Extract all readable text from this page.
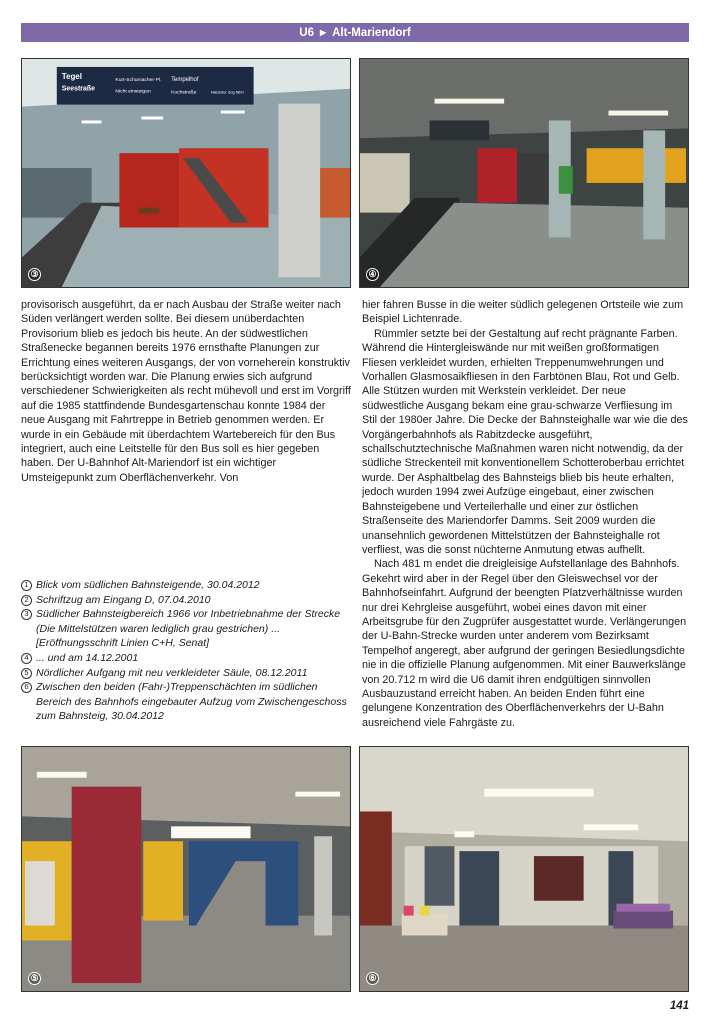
U6 ▶ Alt-Mariendorf
Tegel
Seestraße
Kurt-Schumacher-Pl.
Nicht einsteigen
Tempelhof
Kochstraße	Nächster Zug fährt
③	④

provisorisch ausgeführt, da er nach Ausbau der Straße weiter nach Süden verlängert werden sollte. Bei diesem unüberdachten Provisorium blieb es jedoch bis heute. An der südwestlichen Straßenecke begannen bereits 1976 ernsthafte Planungen zur Errichtung eines weiteren Ausgangs, der von vorneherein konstruktiv berücksichtigt worden war. Die Planung erwies sich aufgrund verschiedener Schwierigkeiten als recht mühevoll und erst im Vorgriff auf die 1985 stattfindende Bundesgartenschau konnte 1984 der neue Ausgang mit Fahrtreppe in Betrieb genommen werden. Er wurde in ein Gebäude mit überdachtem Wartebereich für den Bus integriert, auch eine Leitstelle für den Bus soll es hier gegeben haben. Der U-Bahnhof Alt-Mariendorf ist ein wichtiger Umsteigepunkt zum Oberflächenverkehr. Von

hier fahren Busse in die weiter südlich gelegenen Ortsteile wie zum Beispiel Lichtenrade.

Rümmler setzte bei der Gestaltung auf recht prägnante Farben. Während die Hintergleiswände nur mit weißen großformatigen Fliesen verkleidet wurden, erhielten Treppenumwehrungen und Vorhallen Glasmosaikfliesen in den Farbtönen Blau, Rot und Gelb. Alle Stützen wurden mit Werkstein verkleidet. Der neue südwestliche Ausgang bekam eine grau-schwarze Verfliesung im Stil der 1980er Jahre. Die Decke der Bahnsteighalle war wie die des Vorgängerbahnhofs als Rabitzdecke ausgeführt, schallschutztechnische Maßnahmen waren nicht notwendig, da der südliche Streckenteil mit konventionellem Schotteroberbau errichtet wurde. Der Asphaltbelag des Bahnsteigs blieb bis heute erhalten, jedoch wurden 1994 zwei Aufzüge eingebaut, einer zwischen Bahnsteigebene und Verteilerhalle und einer zur östlichen Straßenseite des Mariendorfer Damms. Seit 2009 wurden die unansehnlich gewordenen Mittelstützen der Bahnsteighalle rot verfliest, was die sonst nüchterne Anmutung etwas aufhellt.

Nach 481 m endet die dreigleisige Aufstellanlage des Bahnhofs. Gekehrt wird aber in der Regel über den Gleiswechsel vor der Bahnhofseinfahrt. Aufgrund der beengten Platzverhältnisse wurden nur drei Kehrgleise ausgeführt, wobei eines davon mit einer Arbeitsgrube für den Zugprüfer ausgestattet wurde. Verlängerungen der U-Bahn-Strecke wurden unter anderem vom Bezirksamt Tempelhof angeregt, aber aufgrund der geringen Besiedlungsdichte nie in die offizielle Planung aufgenommen. Mit einer Bauwerkslänge von 20.712 m wird die U6 damit ihren endgültigen sinnvollen Ausbauzustand erreicht haben. An beiden Enden führt eine gelungene Konzentration des Oberflächenverkehrs der U-Bahn ausreichend viele Fahrgäste zu.

1 Blick vom südlichen Bahnsteigende, 30.04.2012
2 Schriftzug am Eingang D, 07.04.2010
3 Südlicher Bahnsteigbereich 1966 vor Inbetriebnahme der Strecke (Die Mittelstützen waren lediglich grau gestrichen) ... [Eröffnungsschrift Linien C+H, Senat]
4 ... und am 14.12.2001
5 Nördlicher Aufgang mit neu verkleideter Säule, 08.12.2011
6 Zwischen den beiden (Fahr-)Treppenschächten im südlichen Bereich des Bahnhofs eingebauter Aufzug vom Zwischengeschoss zum Bahnsteig, 30.04.2012
⑤	⑥
141
